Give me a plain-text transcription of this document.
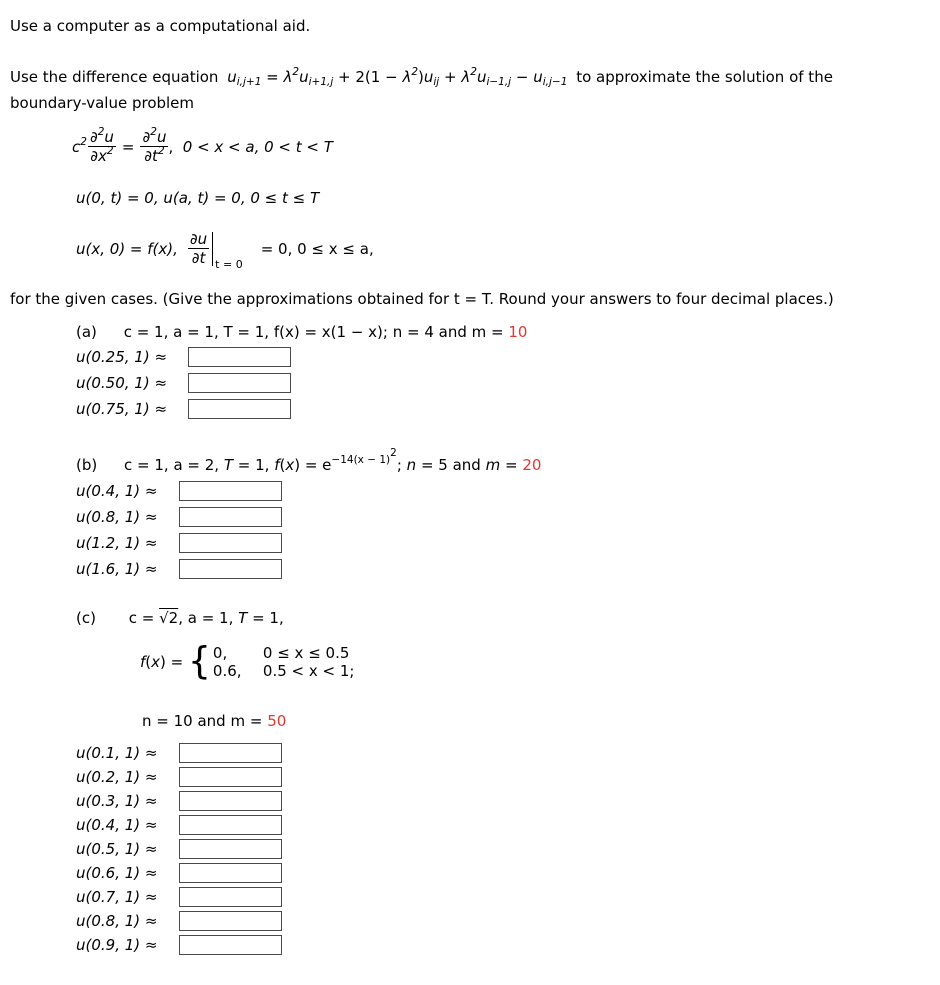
Use a computer as a computational aid.
Use the difference equation $u_{i,j+1} = \lambda^2u_{i+1,j} + 2(1 - \lambda^2)u_{ij} + \lambda^2u_{i-1,j} - u_{i,j-1}$ to approximate the solution of the
boundary-value problem
$c^2 \frac{\partial^2u}{\partial x^2} = \frac{\partial^2u}{\partial t^2}$ , 0 < x < a, 0 < t < T
u(0, t) = 0, u(a, t) = 0, 0 ≤ t ≤ T
u(x, 0) = f(x), $\frac{\partial u}{\partial t}$ t = 0
= 0, 0 ≤ x ≤ a,
for the given cases. (Give the approximations obtained for t = T. Round your answers to four decimal places.)
(a) c = 1, a = 1, T = 1, f(x) = x(1 − x); n = 4 and m = 10
u(0.25, 1) ≈
u(0.50, 1) ≈
u(0.75, 1) ≈
(b) c = 1, a = 2, T = 1, $f(x) = e^{-14(x - 1)^2}$; n = 5 and m = 20
u(0.4, 1) ≈
u(0.8, 1) ≈
u(1.2, 1) ≈
u(1.6, 1) ≈
(c) c = √2, a = 1, T = 1,
f ( x ) = { 0,	0 ≤ x ≤ 0.5
0.6,	0.5 < x < 1;
n = 10 and m = 50
u(0.1, 1) ≈
u(0.2, 1) ≈
u(0.3, 1) ≈
u(0.4, 1) ≈
u(0.5, 1) ≈
u(0.6, 1) ≈
u(0.7, 1) ≈
u(0.8, 1) ≈
u(0.9, 1) ≈
